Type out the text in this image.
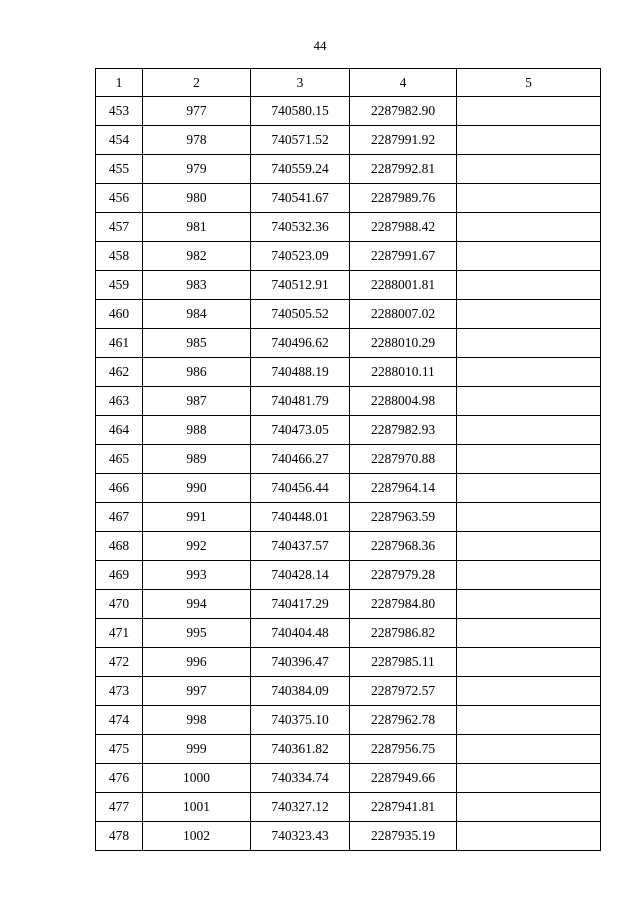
44
1	2	3	4	5
453	977	740580.15	2287982.90	
454	978	740571.52	2287991.92	
455	979	740559.24	2287992.81	
456	980	740541.67	2287989.76	
457	981	740532.36	2287988.42	
458	982	740523.09	2287991.67	
459	983	740512.91	2288001.81	
460	984	740505.52	2288007.02	
461	985	740496.62	2288010.29	
462	986	740488.19	2288010.11	
463	987	740481.79	2288004.98	
464	988	740473.05	2287982.93	
465	989	740466.27	2287970.88	
466	990	740456.44	2287964.14	
467	991	740448.01	2287963.59	
468	992	740437.57	2287968.36	
469	993	740428.14	2287979.28	
470	994	740417.29	2287984.80	
471	995	740404.48	2287986.82	
472	996	740396.47	2287985.11	
473	997	740384.09	2287972.57	
474	998	740375.10	2287962.78	
475	999	740361.82	2287956.75	
476	1000	740334.74	2287949.66	
477	1001	740327.12	2287941.81	
478	1002	740323.43	2287935.19	
